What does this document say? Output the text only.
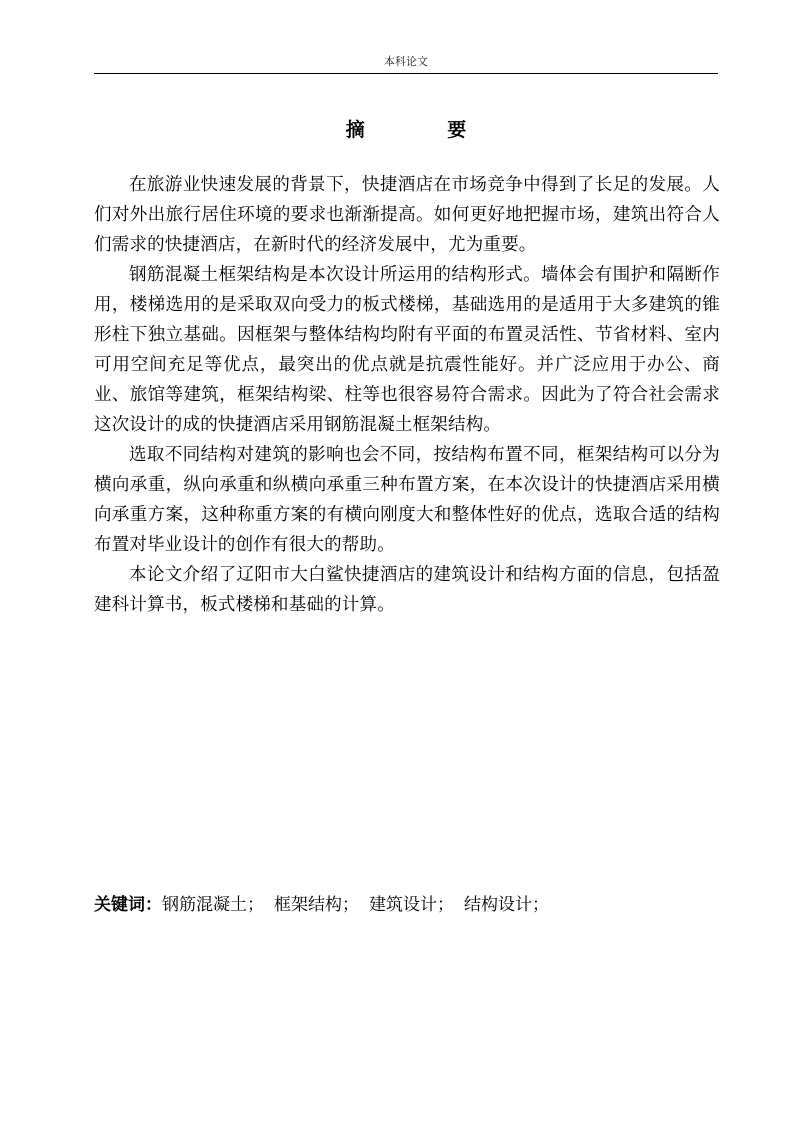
本科论文
摘 要

在旅游业快速发展的背景下，快捷酒店在市场竞争中得到了长足的发展。人们对外出旅行居住环境的要求也渐渐提高。如何更好地把握市场，建筑出符合人们需求的快捷酒店，在新时代的经济发展中，尤为重要。

钢筋混凝土框架结构是本次设计所运用的结构形式。墙体会有围护和隔断作用，楼梯选用的是采取双向受力的板式楼梯，基础选用的是适用于大多建筑的锥形柱下独立基础。因框架与整体结构均附有平面的布置灵活性、节省材料、室内可用空间充足等优点，最突出的优点就是抗震性能好。并广泛应用于办公、商业、旅馆等建筑，框架结构梁、柱等也很容易符合需求。因此为了符合社会需求这次设计的成的快捷酒店采用钢筋混凝土框架结构。

选取不同结构对建筑的影响也会不同，按结构布置不同，框架结构可以分为横向承重，纵向承重和纵横向承重三种布置方案，在本次设计的快捷酒店采用横向承重方案，这种称重方案的有横向刚度大和整体性好的优点，选取合适的结构布置对毕业设计的创作有很大的帮助。

本论文介绍了辽阳市大白鲨快捷酒店的建筑设计和结构方面的信息，包括盈建科计算书，板式楼梯和基础的计算。

关键词：钢筋混凝土； 框架结构； 建筑设计； 结构设计；
